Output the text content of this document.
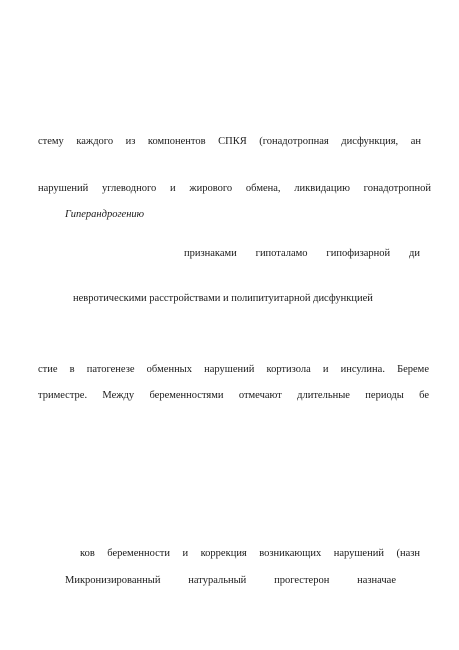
стему каждого из компонентов СПКЯ (гонадотропная дисфункция, ан
нарушений углеводного и жирового обмена, ликвидацию гонадотропной
Гиперандрогению
признаками гипоталамо гипофизарной ди
невротическими расстройствами и полипитуитарной дисфункцией
стие в патогенезе обменных нарушений кортизола и инсулина. Береме
триместре. Между беременностями отмечают длительные периоды бе
ков беременности и коррекция возникающих нарушений (назн
Микронизированный натуральный прогестерон назначае
